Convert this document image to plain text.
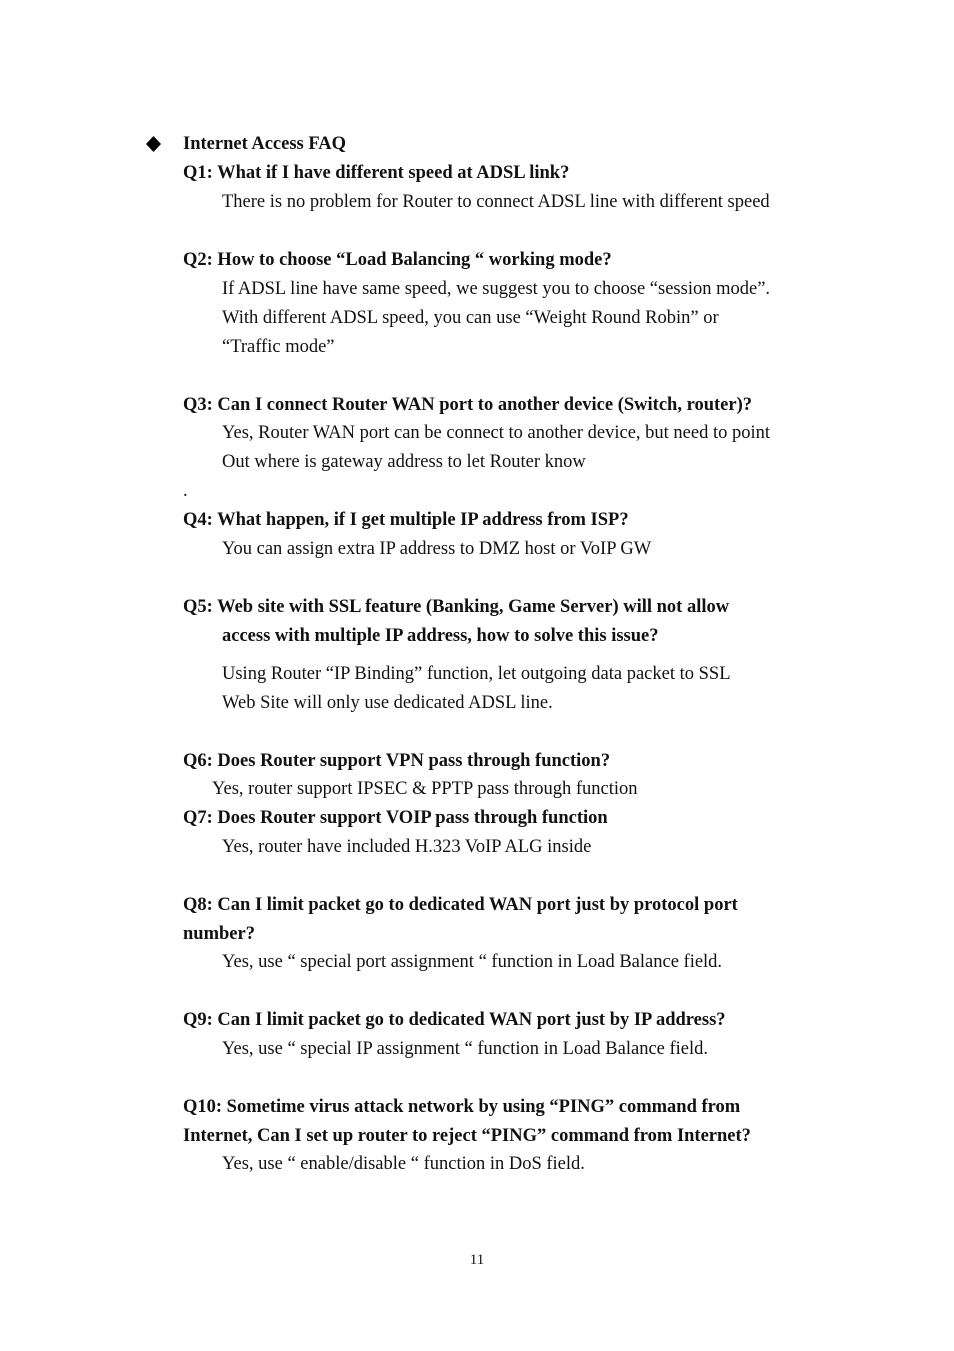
Internet Access FAQ
Q1: What if I have different speed at ADSL link?
There is no problem for Router to connect ADSL line with different speed
Q2: How to choose “Load Balancing “ working mode?
If ADSL line have same speed, we suggest you to choose “session mode”.
With different ADSL speed, you can use “Weight Round Robin” or
“Traffic mode”
Q3: Can I connect Router WAN port to another device (Switch, router)?
Yes, Router WAN port can be connect to another device, but need to point
Out where is gateway address to let Router know
.
Q4: What happen, if I get multiple IP address from ISP?
You can assign extra IP address to DMZ host or VoIP GW
Q5: Web site with SSL feature (Banking, Game Server) will not allow
access with multiple IP address, how to solve this issue?
Using Router “IP Binding” function, let outgoing data packet to SSL
Web Site will only use dedicated ADSL line.
Q6: Does Router support VPN pass through function?
Yes, router support IPSEC & PPTP pass through function
Q7: Does Router support VOIP pass through function
Yes, router have included H.323 VoIP ALG inside
Q8: Can I limit packet go to dedicated WAN port just by protocol port
number?
Yes, use “ special port assignment “ function in Load Balance field.
Q9: Can I limit packet go to dedicated WAN port just by IP address?
Yes, use “ special IP assignment “ function in Load Balance field.
Q10: Sometime virus attack network by using “PING” command from
Internet, Can I set up router to reject “PING” command from Internet?
Yes, use “ enable/disable “ function in DoS field.
11
